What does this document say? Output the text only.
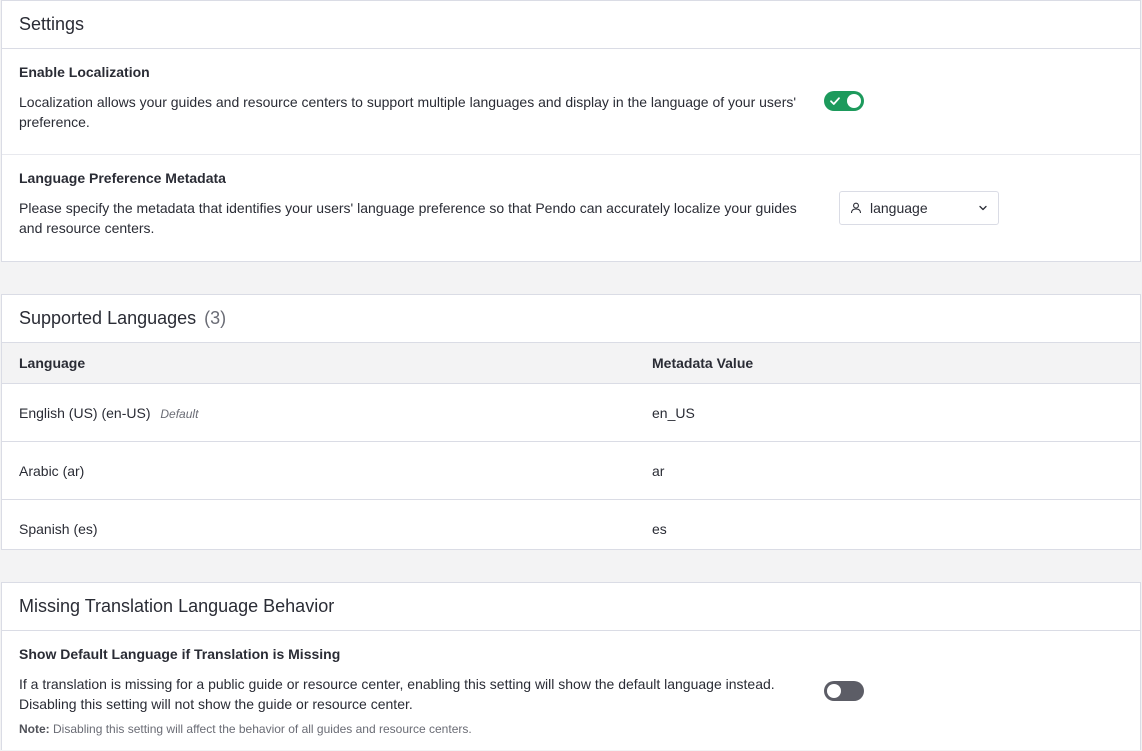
Settings
Enable Localization
Localization allows your guides and resource centers to support multiple languages and display in the language of your users' preference.
Language Preference Metadata
Please specify the metadata that identifies your users' language preference so that Pendo can accurately localize your guides and resource centers.
language
Supported Languages (3)
Language	Metadata Value
English (US) (en-US) Default	en_US
Arabic (ar)	ar
Spanish (es)	es
Missing Translation Language Behavior
Show Default Language if Translation is Missing
If a translation is missing for a public guide or resource center, enabling this setting will show the default language instead. Disabling this setting will not show the guide or resource center.
Note: Disabling this setting will affect the behavior of all guides and resource centers.
